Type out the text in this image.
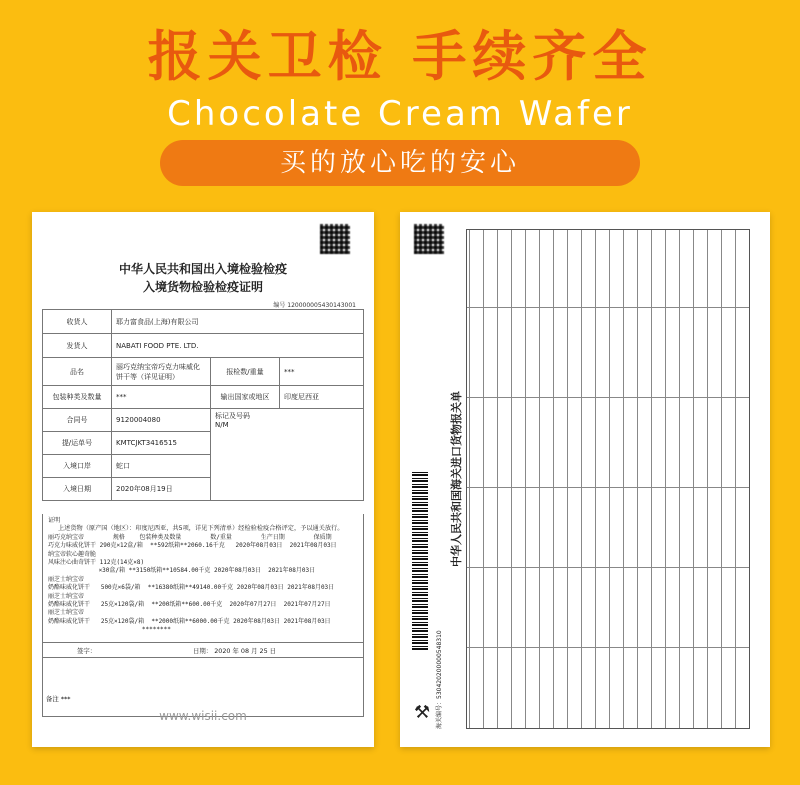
报关卫检 手续齐全
Chocolate Cream Wafer
买的放心吃的安心
中华人民共和国出入境检验检疫
入境货物检验检疫证明
编号 120000005430143001
收货人	耶力富食品(上海)有限公司		
发货人	NABATI FOOD PTE. LTD.		
品名	丽巧克纳宝帝巧克力味威化饼干等（详见证明）	报检数/重量	***
包装种类及数量	***	输出国家或地区	印度尼西亚
合同号	9120004080	标记及号码
N/M	

提/运单号	KMTCJKT3416515		
入境口岸	蛇口		
入境日期	2020年08月19日		
证明
上述货物（原产国（地区）：印度尼西亚，共5项，详见下列清单）经检验检疫合格评定，予以通关放行。
丽巧克纳宝帝        规格    包装种类及数量        数/重量        生产日期        保质期
巧克力味威化饼干 290克×12盒/箱  **592纸箱**2060.16千克   2020年08月03日  2021年08月03日
纳宝帝软心趣奇脆
风味注心曲奇饼干 112克(14克×8)
×30盒/箱 **3150纸箱**10584.00千克 2020年08月03日  2021年08月03日
丽芝士纳宝帝
奶酪味威化饼干   500克×6袋/箱  **16380纸箱**49140.00千克 2020年08月03日 2021年08月03日
丽芝士纳宝帝
奶酪味威化饼干   25克×120袋/箱  **200纸箱**600.00千克  2020年07月27日  2021年07月27日
丽芝士纳宝帝
奶酪味威化饼干   25克×120袋/箱  **2000纸箱**6000.00千克 2020年08月03日 2021年08月03日
********
签字：	日期： 2020 年 08 月 25 日
备注 ***
www.wisii.com	⚒ 海关编号：530420200000548310
中华人民共和国海关进口货物报关单
